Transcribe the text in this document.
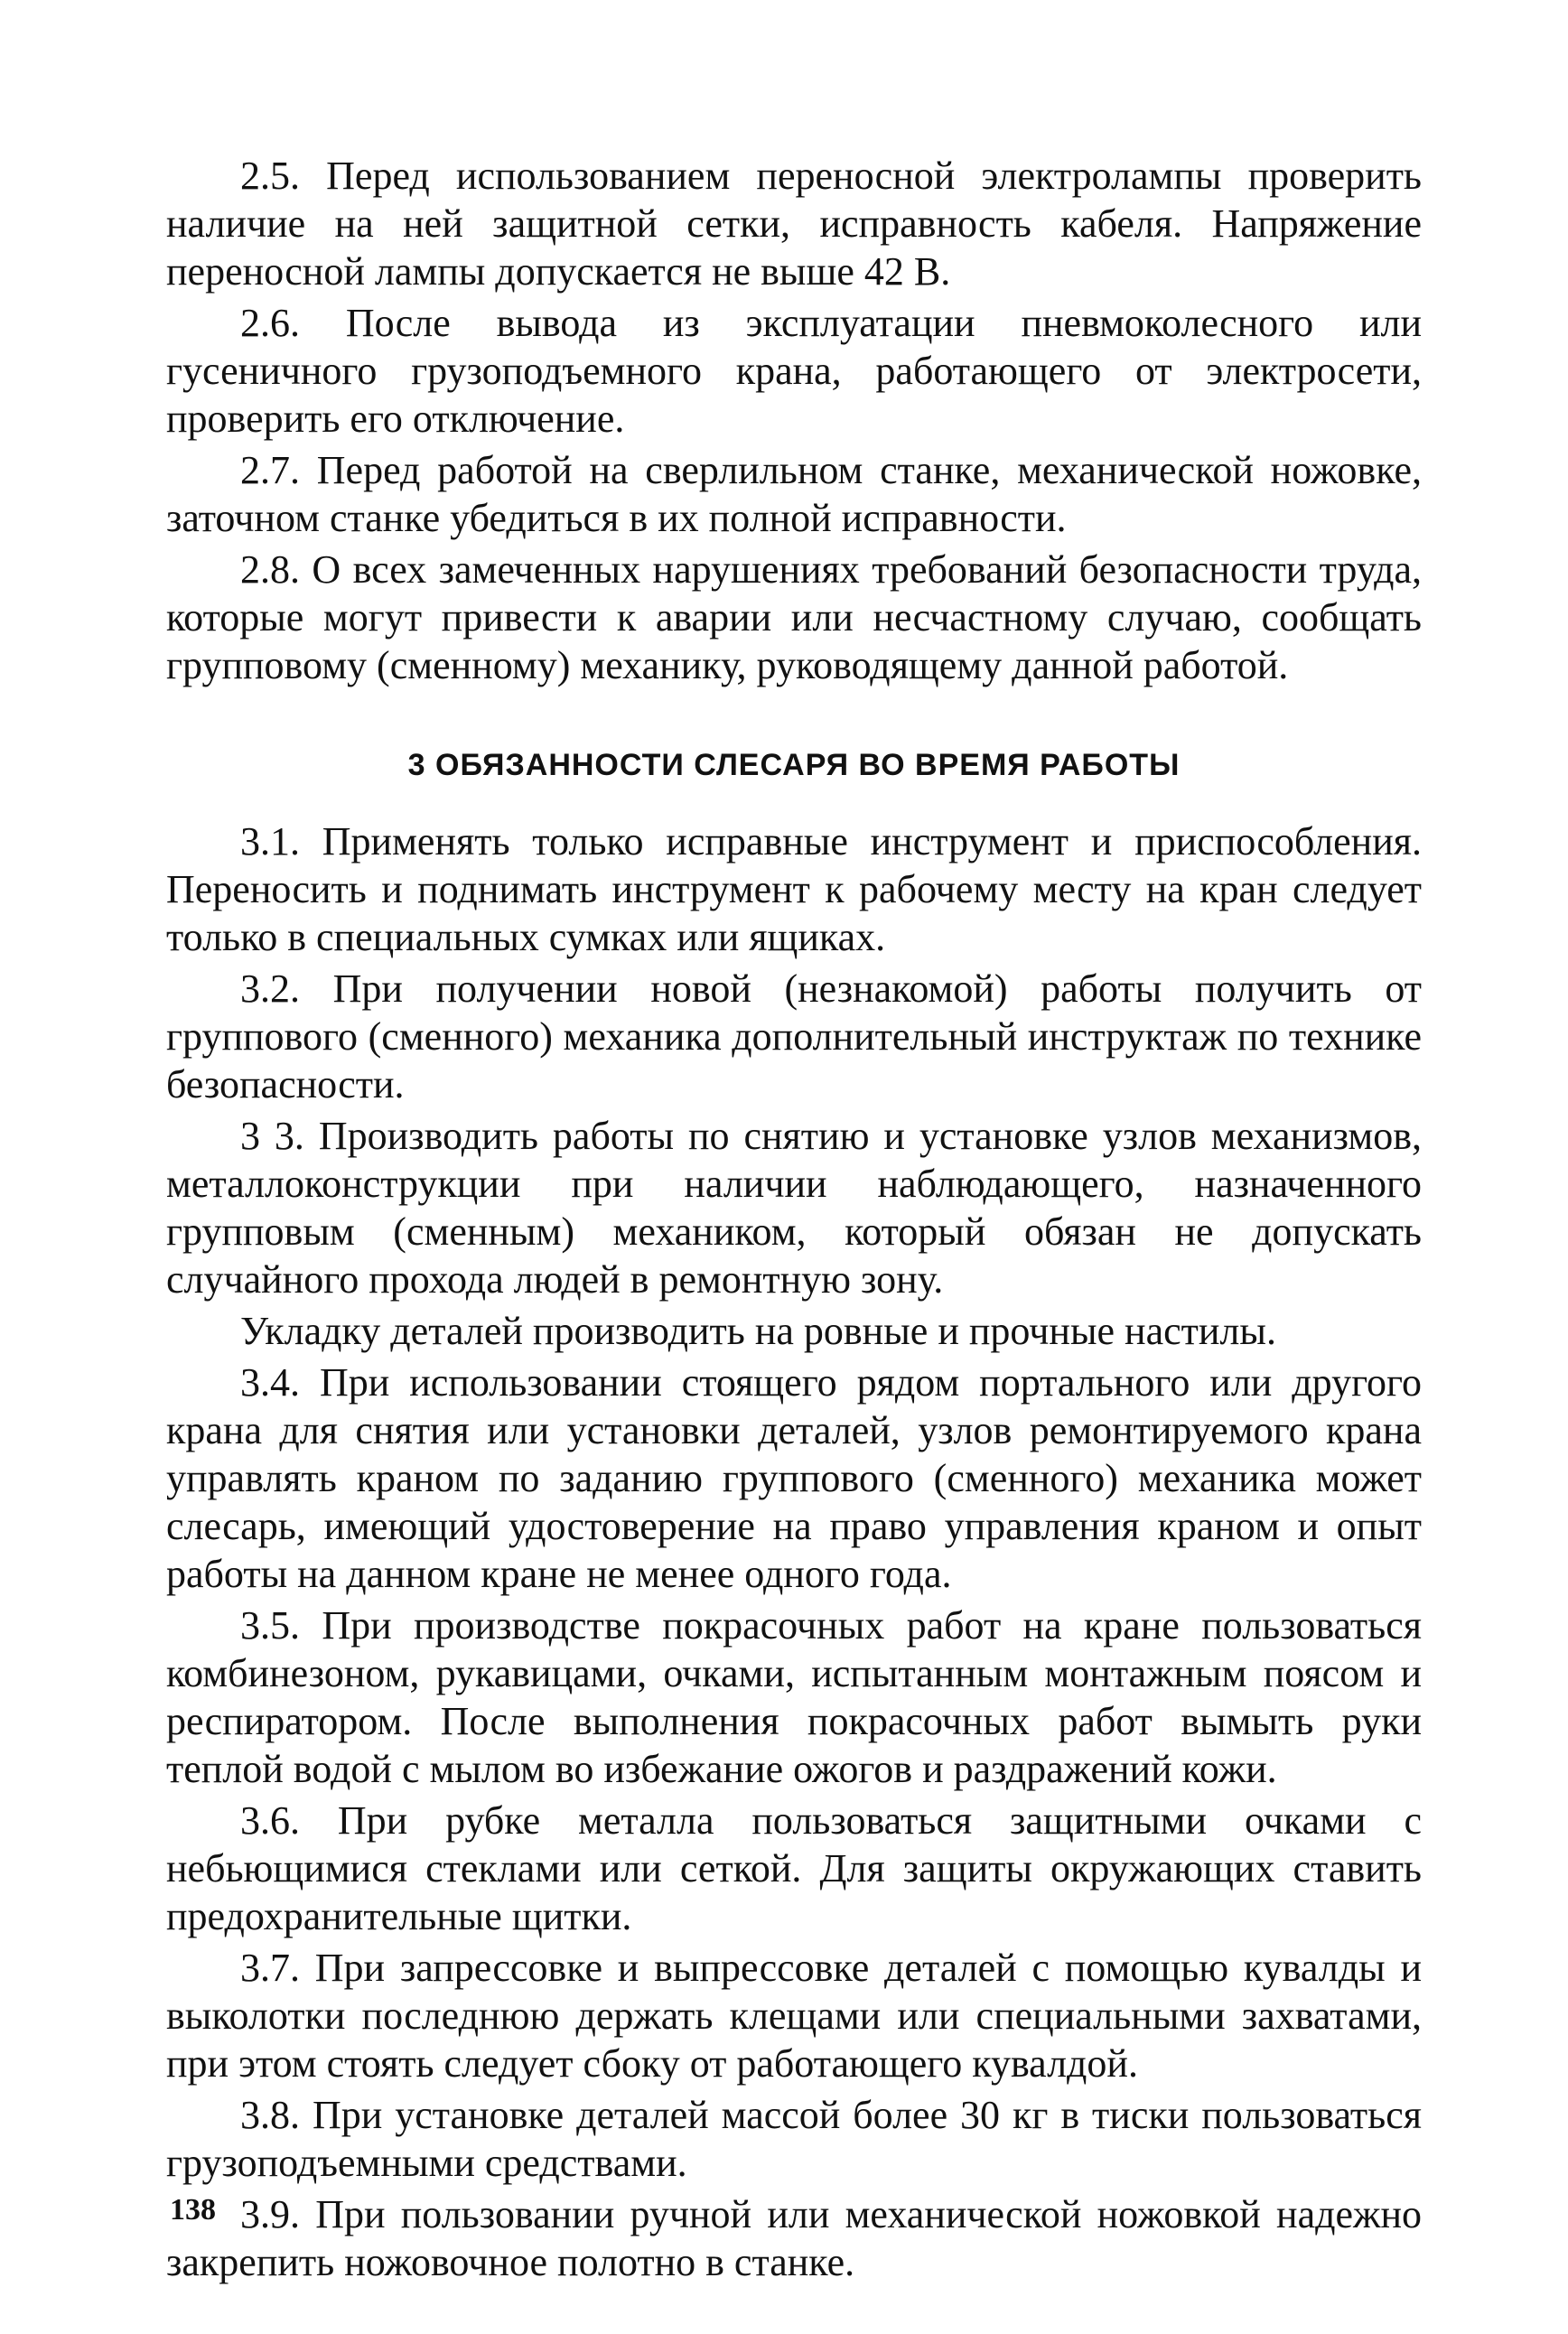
2.5. Перед использованием переносной электролампы проверить наличие на ней защитной сетки, исправность кабеля. Напряжение переносной лампы допускается не выше 42 В.

2.6. После вывода из эксплуатации пневмоколесного или гусеничного грузоподъемного крана, работающего от электросети, проверить его отключение.

2.7. Перед работой на сверлильном станке, механической ножовке, заточном станке убедиться в их полной исправности.

2.8. О всех замеченных нарушениях требований безопасности труда, которые могут привести к аварии или несчастному случаю, сообщать групповому (сменному) механику, руководящему данной работой.

3 ОБЯЗАННОСТИ СЛЕСАРЯ ВО ВРЕМЯ РАБОТЫ

3.1. Применять только исправные инструмент и приспособления. Переносить и поднимать инструмент к рабочему месту на кран следует только в специальных сумках или ящиках.

3.2. При получении новой (незнакомой) работы получить от группового (сменного) механика дополнительный инструктаж по технике безопасности.

3 3. Производить работы по снятию и установке узлов механизмов, металлоконструкции при наличии наблюдающего, назначенного групповым (сменным) механиком, который обязан не допускать случайного прохода людей в ремонтную зону.

Укладку деталей производить на ровные и прочные настилы.

3.4. При использовании стоящего рядом портального или другого крана для снятия или установки деталей, узлов ремонтируемого крана управлять краном по заданию группового (сменного) механика может слесарь, имеющий удостоверение на право управления краном и опыт работы на данном кране не менее одного года.

3.5. При производстве покрасочных работ на кране пользоваться комбинезоном, рукавицами, очками, испытанным монтажным поясом и респиратором. После выполнения покрасочных работ вымыть руки теплой водой с мылом во избежание ожогов и раздражений кожи.

3.6. При рубке металла пользоваться защитными очками с небьющимися стеклами или сеткой. Для защиты окружающих ставить предохранительные щитки.

3.7. При запрессовке и выпрессовке деталей с помощью кувалды и выколотки последнюю держать клещами или специальными захватами, при этом стоять следует сбоку от работающего кувалдой.

3.8. При установке деталей массой более 30 кг в тиски пользоваться грузоподъемными средствами.

3.9. При пользовании ручной или механической ножовкой надежно закрепить ножовочное полотно в станке.

138
